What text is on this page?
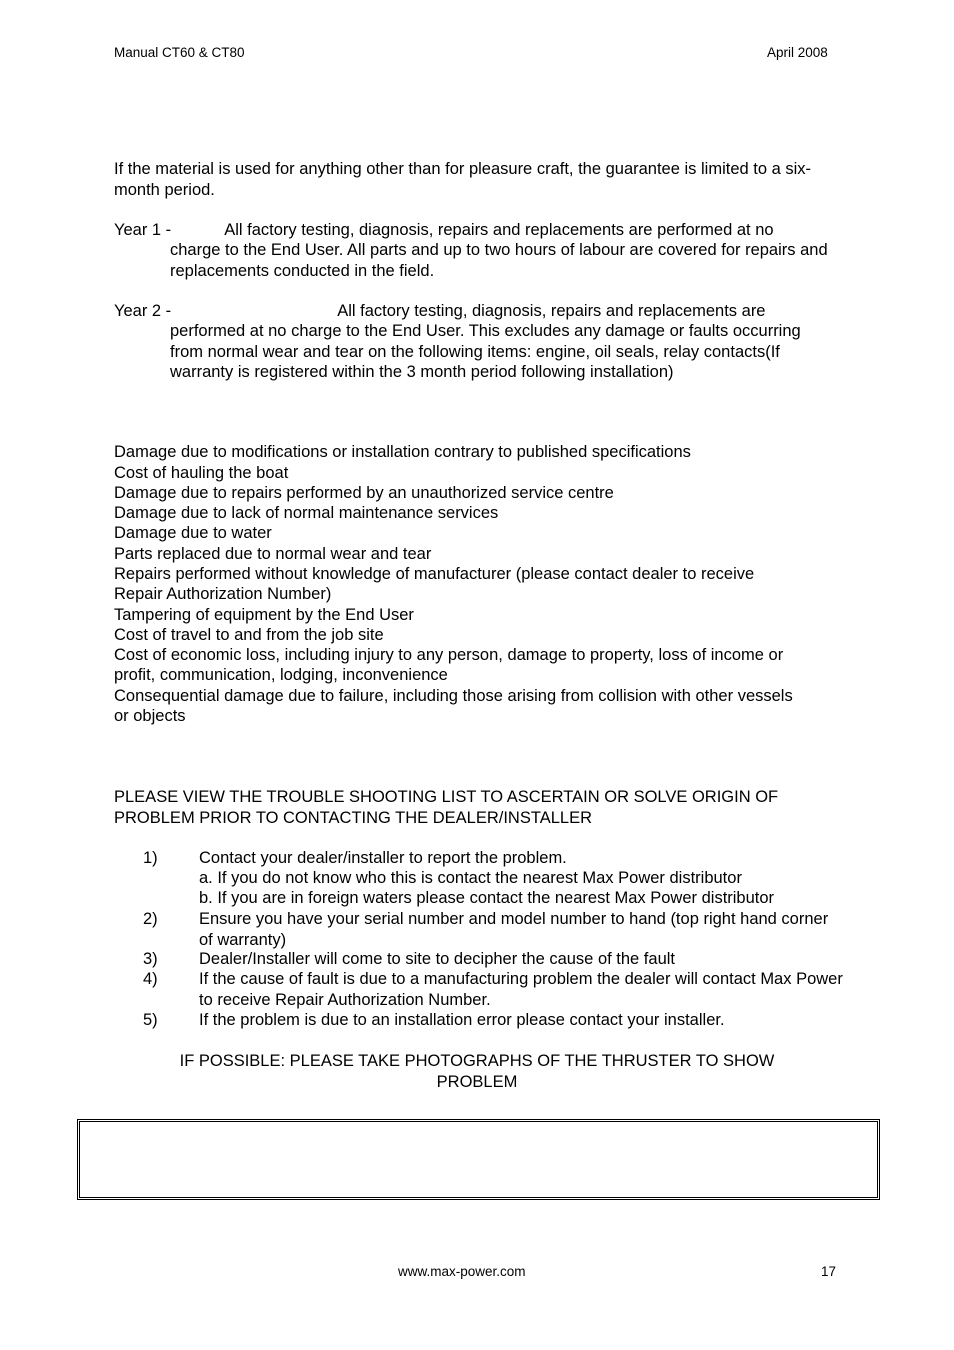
Manual CT60 & CT80	April 2008
If the material is used for anything other than for pleasure craft, the guarantee is limited to a six-month period.
Year 1 -	All factory testing, diagnosis, repairs and replacements are performed at no
charge to the End User. All parts and up to two hours of labour are covered for repairs and replacements conducted in the field.
Year 2 -	All factory testing, diagnosis, repairs and replacements are
performed at no charge to the End User. This excludes any damage or faults occurring from normal wear and tear on the following items: engine, oil seals, relay contacts(If warranty is registered within the 3 month period following installation)
Damage due to modifications or installation contrary to published specifications
Cost of hauling the boat
Damage due to repairs performed by an unauthorized service centre
Damage due to lack of normal maintenance services
Damage due to water
Parts replaced due to normal wear and tear
Repairs performed without knowledge of manufacturer (please contact dealer to receive
Repair Authorization Number)
Tampering of equipment by the End User
Cost of travel to and from the job site
Cost of economic loss, including injury to any person, damage to property, loss of income or
profit, communication, lodging, inconvenience
Consequential damage due to failure, including those arising from collision with other vessels
or objects
PLEASE VIEW THE TROUBLE SHOOTING LIST TO ASCERTAIN OR SOLVE ORIGIN OF PROBLEM PRIOR TO CONTACTING THE DEALER/INSTALLER
1)	Contact your dealer/installer to report the problem.
a. If you do not know who this is contact the nearest Max Power distributor
b. If you are in foreign waters please contact the nearest Max Power distributor
2)	Ensure you have your serial number and model number to hand (top right hand corner of warranty)
3)	Dealer/Installer will come to site to decipher the cause of the fault
4)	If the cause of fault is due to a manufacturing problem the dealer will contact Max Power to receive Repair Authorization Number.
5)	If the problem is due to an installation error please contact your installer.
IF POSSIBLE: PLEASE TAKE PHOTOGRAPHS OF THE THRUSTER TO SHOW PROBLEM
www.max-power.com	17
